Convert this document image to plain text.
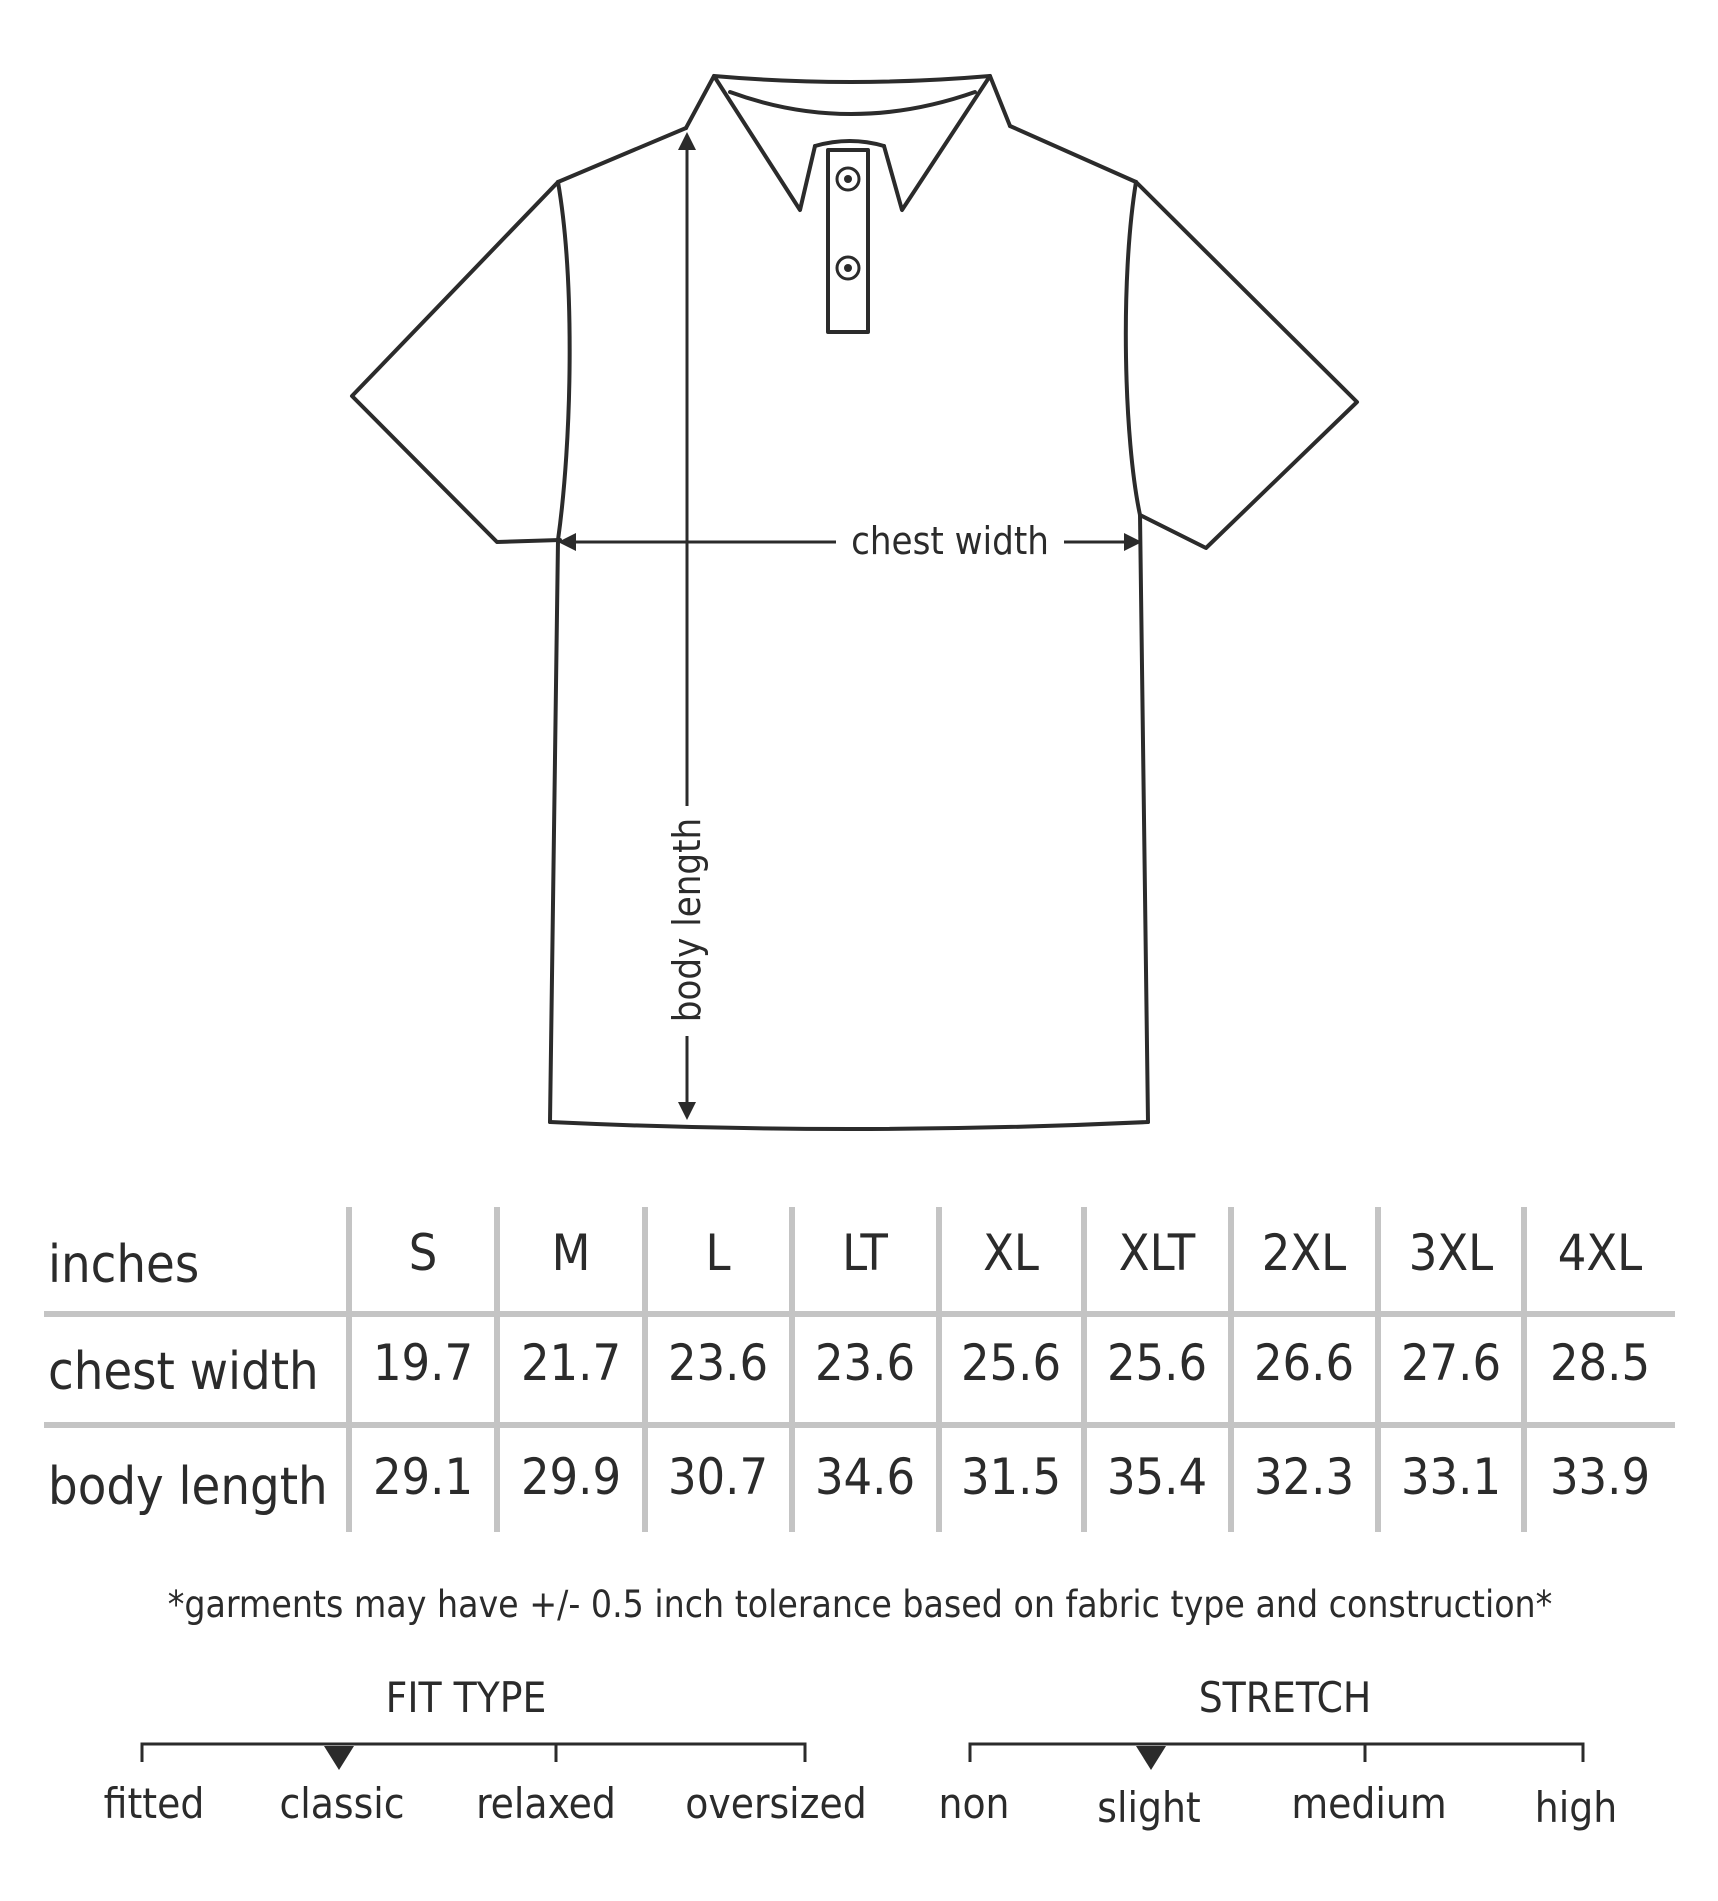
chest width
body length
inches
chest width
body length
S M L LT XL XLT 2XL 3XL 4XL
19.7 21.7 23.6 23.6 25.6 25.6 26.6 27.6 28.5
29.1 29.9 30.7 34.6 31.5 35.4 32.3 33.1 33.9
*garments may have +/- 0.5 inch tolerance based on fabric type and construction*
FIT TYPE
fitted classic relaxed oversized
STRETCH
non slight medium high
